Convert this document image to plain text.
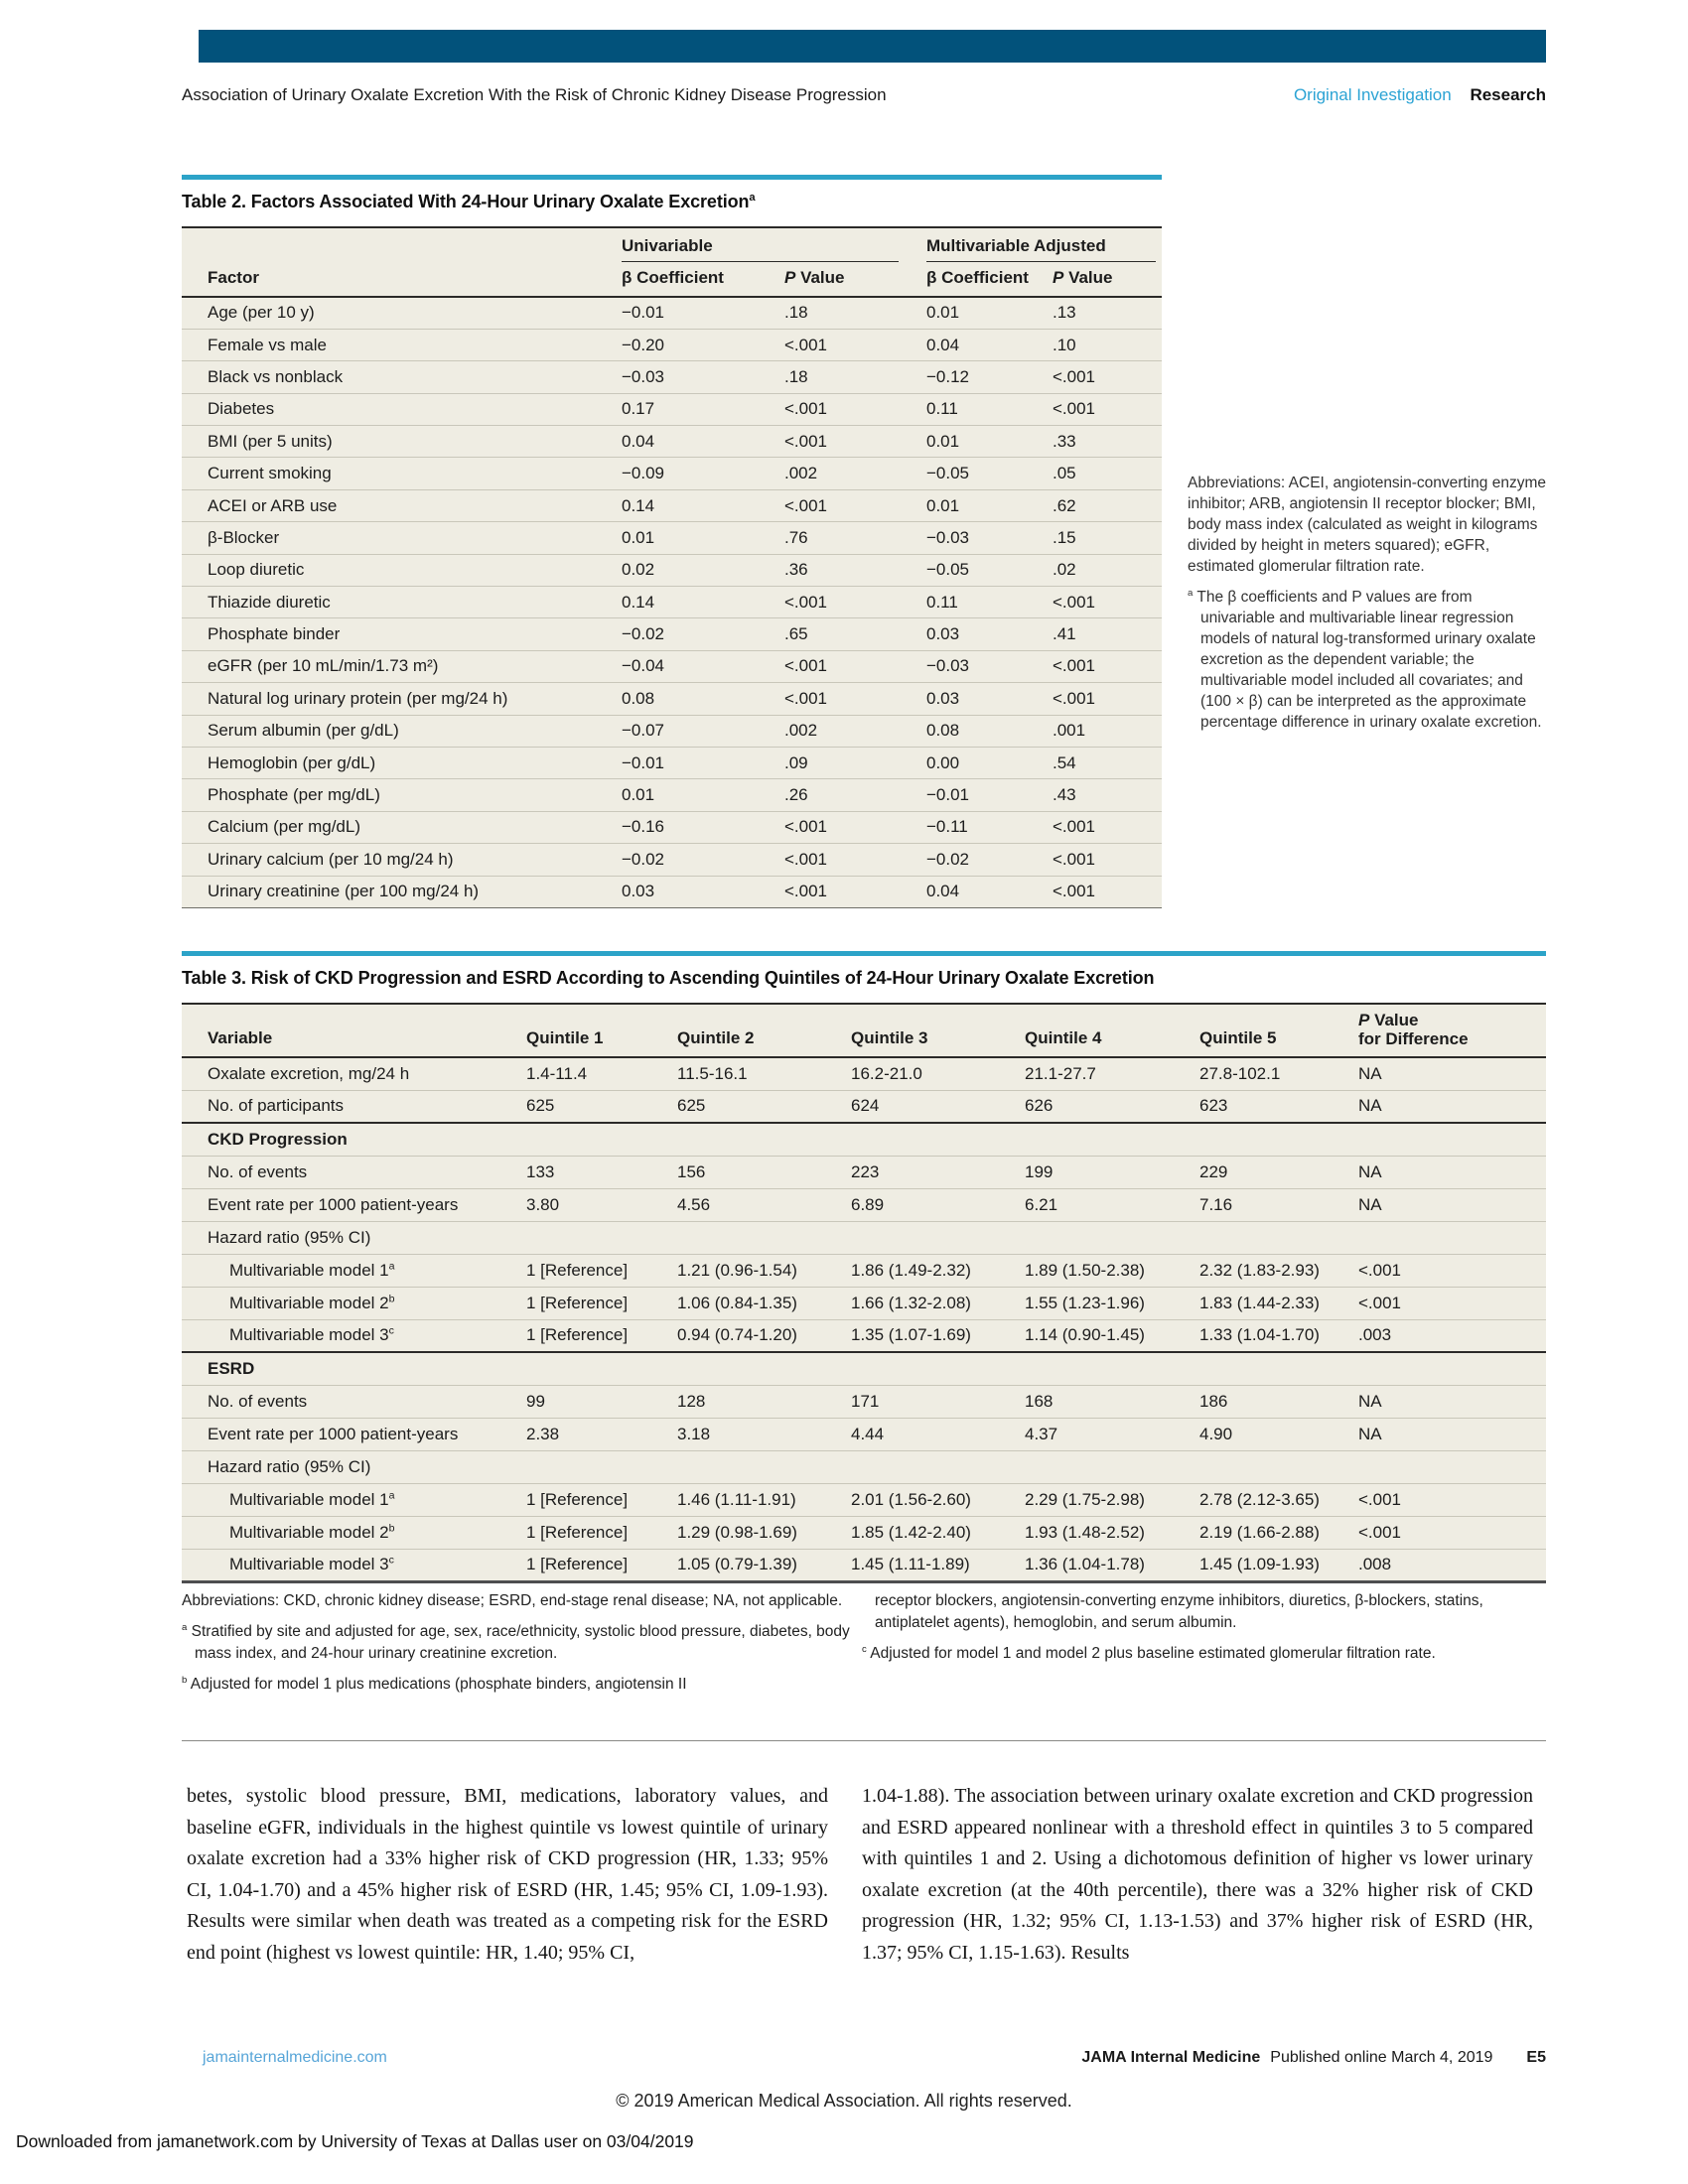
Association of Urinary Oxalate Excretion With the Risk of Chronic Kidney Disease Progression	Original Investigation Research
Table 2. Factors Associated With 24-Hour Urinary Oxalate Excretion$^a$

	Univariable		Multivariable Adjusted	

Factor	β Coefficient	P Value	β Coefficient	P Value
Age (per 10 y)	−0.01	.18	0.01	.13
Female vs male	−0.20	<.001	0.04	.10
Black vs nonblack	−0.03	.18	−0.12	<.001
Diabetes	0.17	<.001	0.11	<.001
BMI (per 5 units)	0.04	<.001	0.01	.33
Current smoking	−0.09	.002	−0.05	.05
ACEI or ARB use	0.14	<.001	0.01	.62
β-Blocker	0.01	.76	−0.03	.15
Loop diuretic	0.02	.36	−0.05	.02
Thiazide diuretic	0.14	<.001	0.11	<.001
Phosphate binder	−0.02	.65	0.03	.41
eGFR (per 10 mL/min/1.73 m²)	−0.04	<.001	−0.03	<.001
Natural log urinary protein (per mg/24 h)	0.08	<.001	0.03	<.001
Serum albumin (per g/dL)	−0.07	.002	0.08	.001
Hemoglobin (per g/dL)	−0.01	.09	0.00	.54
Phosphate (per mg/dL)	0.01	.26	−0.01	.43
Calcium (per mg/dL)	−0.16	<.001	−0.11	<.001
Urinary calcium (per 10 mg/24 h)	−0.02	<.001	−0.02	<.001
Urinary creatinine (per 100 mg/24 h)	0.03	<.001	0.04	<.001
Abbreviations: ACEI, angiotensin-converting enzyme inhibitor; ARB, angiotensin II receptor blocker; BMI, body mass index (calculated as weight in kilograms divided by height in meters squared); eGFR, estimated glomerular filtration rate.
$^a$ The β coefficients and P values are from univariable and multivariable linear regression models of natural log-transformed urinary oxalate excretion as the dependent variable; the multivariable model included all covariates; and (100 × β) can be interpreted as the approximate percentage difference in urinary oxalate excretion.
Table 3. Risk of CKD Progression and ESRD According to Ascending Quintiles of 24-Hour Urinary Oxalate Excretion
Variable	Quintile 1	Quintile 2	Quintile 3	Quintile 4	Quintile 5	P Value
for Difference

Oxalate excretion, mg/24 h	1.4-11.4	11.5-16.1	16.2-21.0	21.1-27.7	27.8-102.1	NA
No. of participants	625	625	624	626	623	NA
CKD Progression						
No. of events	133	156	223	199	229	NA
Event rate per 1000 patient-years	3.80	4.56	6.89	6.21	7.16	NA
Hazard ratio (95% CI)						
Multivariable model 1$^a$	1 [Reference]	1.21 (0.96-1.54)	1.86 (1.49-2.32)	1.89 (1.50-2.38)	2.32 (1.83-2.93)	<.001
Multivariable model 2$^b$	1 [Reference]	1.06 (0.84-1.35)	1.66 (1.32-2.08)	1.55 (1.23-1.96)	1.83 (1.44-2.33)	<.001
Multivariable model 3$^c$	1 [Reference]	0.94 (0.74-1.20)	1.35 (1.07-1.69)	1.14 (0.90-1.45)	1.33 (1.04-1.70)	.003
ESRD						
No. of events	99	128	171	168	186	NA
Event rate per 1000 patient-years	2.38	3.18	4.44	4.37	4.90	NA
Hazard ratio (95% CI)						
Multivariable model 1$^a$	1 [Reference]	1.46 (1.11-1.91)	2.01 (1.56-2.60)	2.29 (1.75-2.98)	2.78 (2.12-3.65)	<.001
Multivariable model 2$^b$	1 [Reference]	1.29 (0.98-1.69)	1.85 (1.42-2.40)	1.93 (1.48-2.52)	2.19 (1.66-2.88)	<.001
Multivariable model 3$^c$	1 [Reference]	1.05 (0.79-1.39)	1.45 (1.11-1.89)	1.36 (1.04-1.78)	1.45 (1.09-1.93)	.008
Abbreviations: CKD, chronic kidney disease; ESRD, end-stage renal disease; NA, not applicable.
$^a$ Stratified by site and adjusted for age, sex, race/ethnicity, systolic blood pressure, diabetes, body mass index, and 24-hour urinary creatinine excretion.
$^b$ Adjusted for model 1 plus medications (phosphate binders, angiotensin II
receptor blockers, angiotensin-converting enzyme inhibitors, diuretics, β-blockers, statins, antiplatelet agents), hemoglobin, and serum albumin.
$^c$ Adjusted for model 1 and model 2 plus baseline estimated glomerular filtration rate.
betes, systolic blood pressure, BMI, medications, laboratory values, and baseline eGFR, individuals in the highest quintile vs lowest quintile of urinary oxalate excretion had a 33% higher risk of CKD progression (HR, 1.33; 95% CI, 1.04-1.70) and a 45% higher risk of ESRD (HR, 1.45; 95% CI, 1.09-1.93). Results were similar when death was treated as a competing risk for the ESRD end point (highest vs lowest quintile: HR, 1.40; 95% CI,
1.04-1.88). The association between urinary oxalate excretion and CKD progression and ESRD appeared nonlinear with a threshold effect in quintiles 3 to 5 compared with quintiles 1 and 2. Using a dichotomous definition of higher vs lower urinary oxalate excretion (at the 40th percentile), there was a 32% higher risk of CKD progression (HR, 1.32; 95% CI, 1.13-1.53) and 37% higher risk of ESRD (HR, 1.37; 95% CI, 1.15-1.63). Results
jamainternalmedicine.com	JAMA Internal Medicine Published online March 4, 2019 E5
© 2019 American Medical Association. All rights reserved.
Downloaded from jamanetwork.com by University of Texas at Dallas user on 03/04/2019
